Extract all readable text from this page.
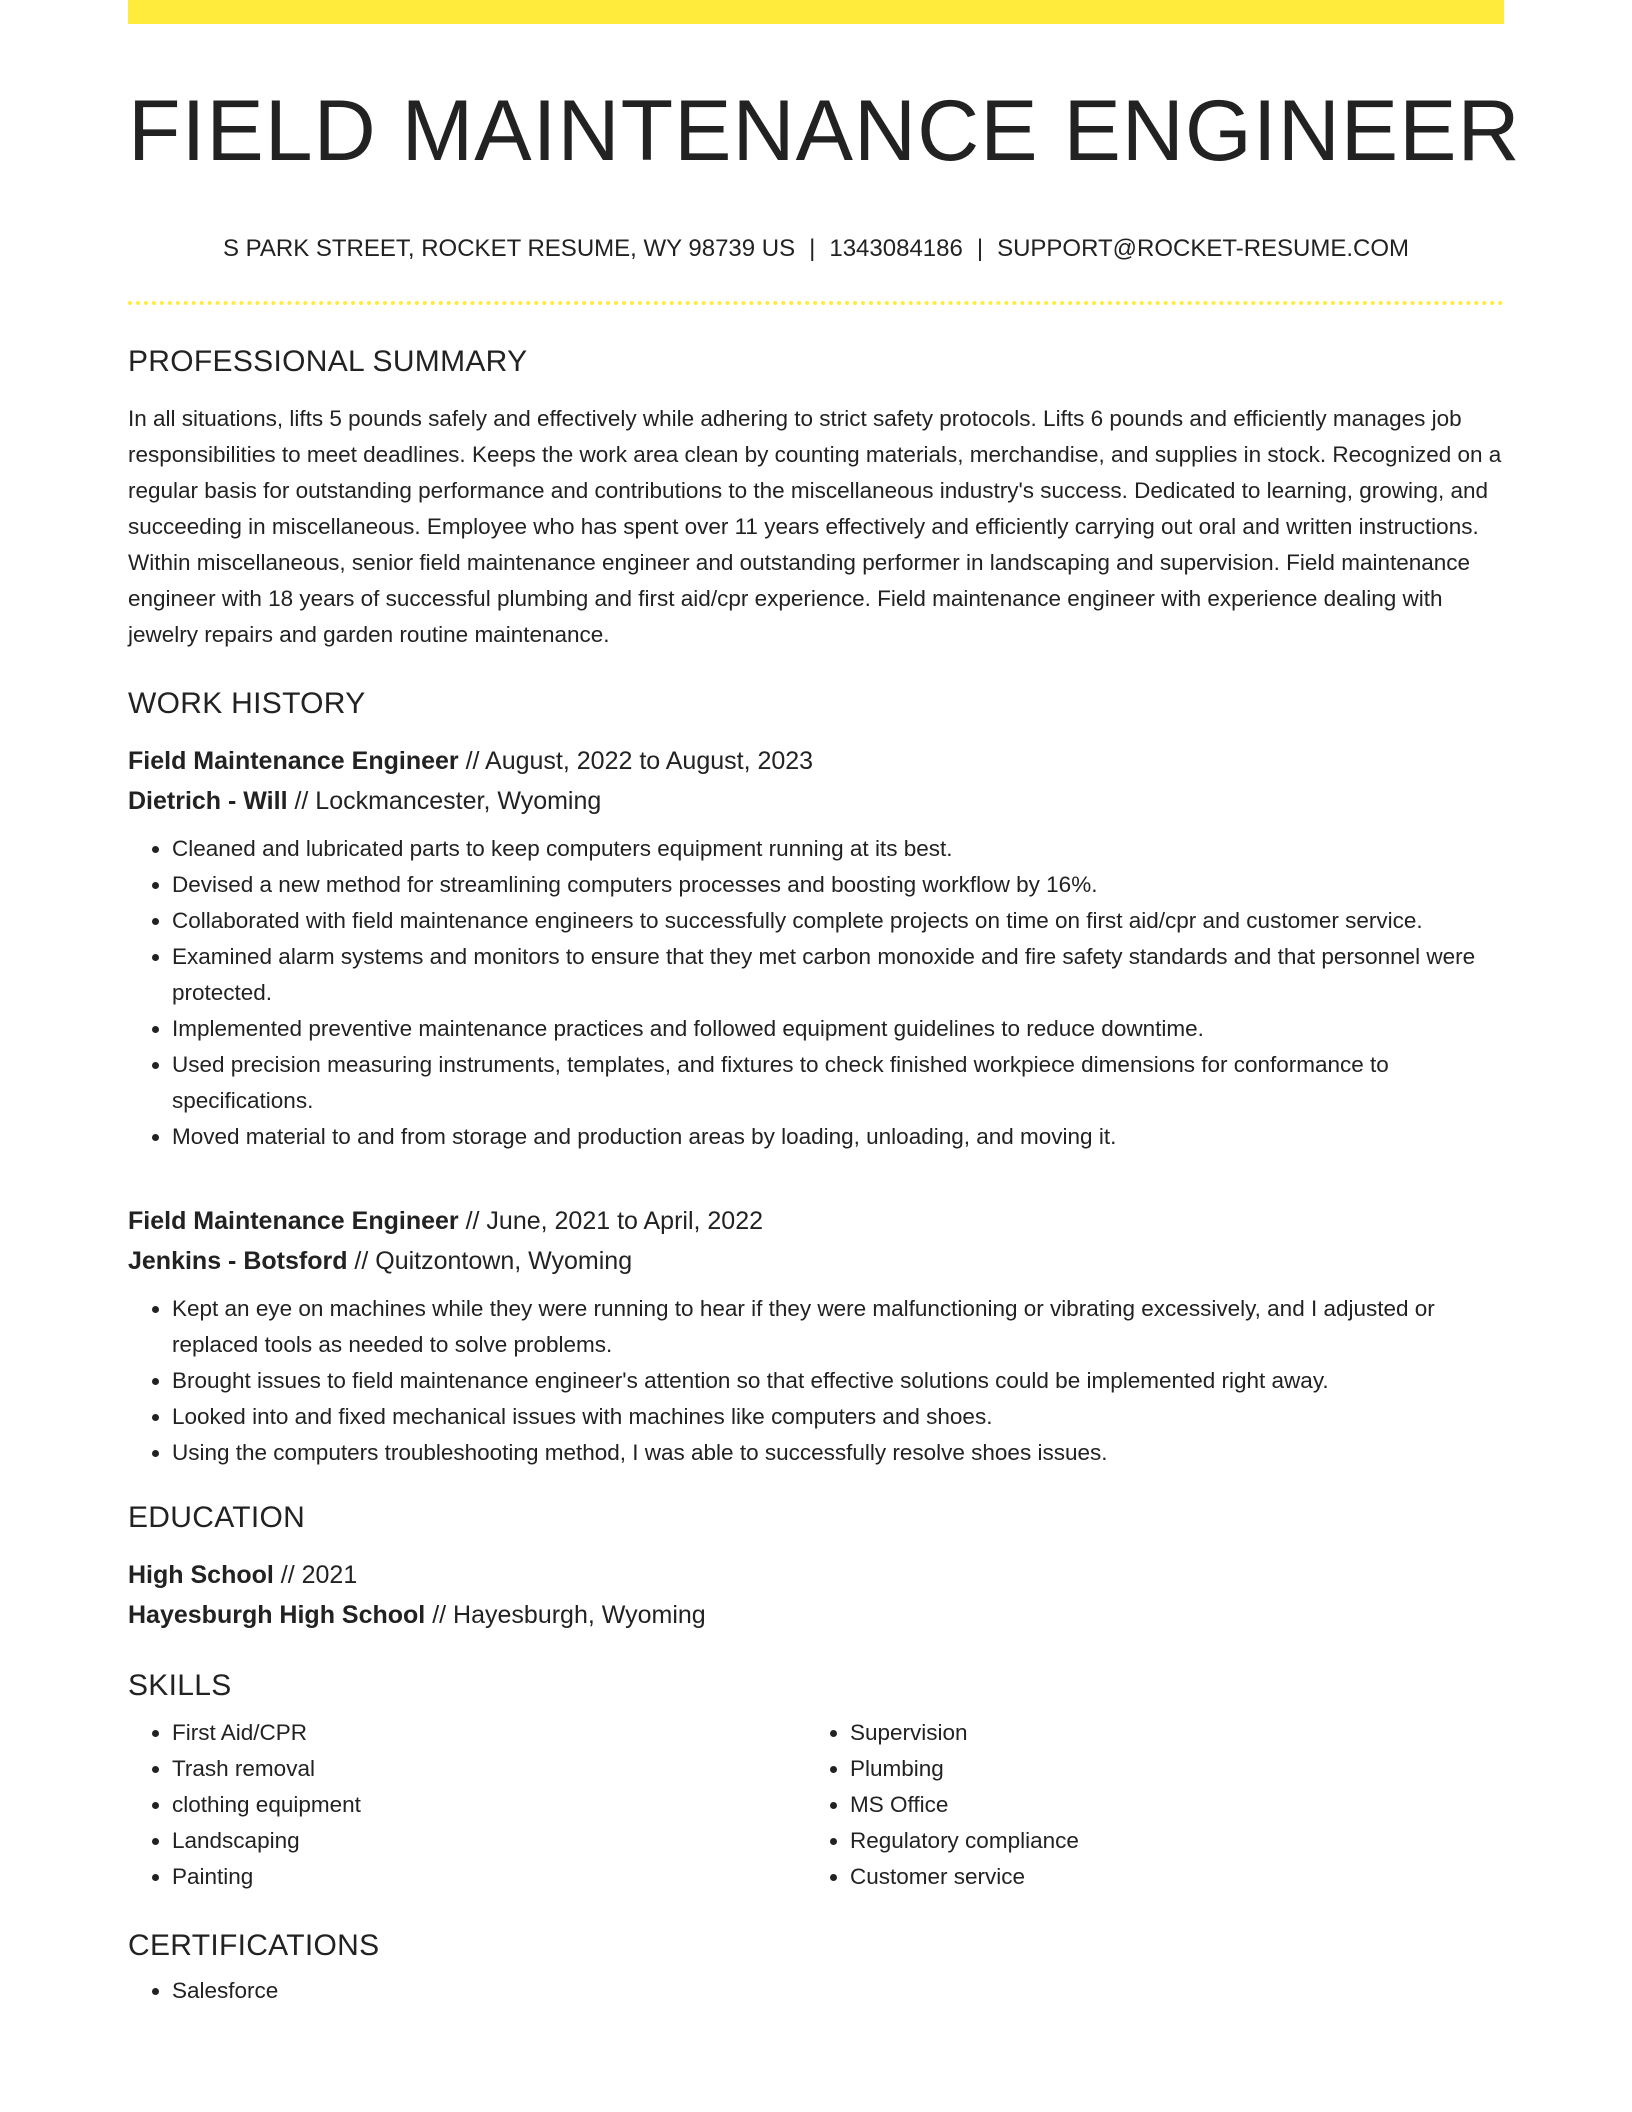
FIELD MAINTENANCE ENGINEER
S PARK STREET, ROCKET RESUME, WY 98739 US | 1343084186 | SUPPORT@ROCKET-RESUME.COM
PROFESSIONAL SUMMARY
In all situations, lifts 5 pounds safely and effectively while adhering to strict safety protocols. Lifts 6 pounds and efficiently manages job responsibilities to meet deadlines. Keeps the work area clean by counting materials, merchandise, and supplies in stock. Recognized on a regular basis for outstanding performance and contributions to the miscellaneous industry's success. Dedicated to learning, growing, and succeeding in miscellaneous. Employee who has spent over 11 years effectively and efficiently carrying out oral and written instructions. Within miscellaneous, senior field maintenance engineer and outstanding performer in landscaping and supervision. Field maintenance engineer with 18 years of successful plumbing and first aid/cpr experience. Field maintenance engineer with experience dealing with jewelry repairs and garden routine maintenance.
WORK HISTORY
Field Maintenance Engineer // August, 2022 to August, 2023
Dietrich - Will // Lockmancester, Wyoming
• Cleaned and lubricated parts to keep computers equipment running at its best.
• Devised a new method for streamlining computers processes and boosting workflow by 16%.
• Collaborated with field maintenance engineers to successfully complete projects on time on first aid/cpr and customer service.
• Examined alarm systems and monitors to ensure that they met carbon monoxide and fire safety standards and that personnel were protected.
• Implemented preventive maintenance practices and followed equipment guidelines to reduce downtime.
• Used precision measuring instruments, templates, and fixtures to check finished workpiece dimensions for conformance to specifications.
• Moved material to and from storage and production areas by loading, unloading, and moving it.
Field Maintenance Engineer // June, 2021 to April, 2022
Jenkins - Botsford // Quitzontown, Wyoming
• Kept an eye on machines while they were running to hear if they were malfunctioning or vibrating excessively, and I adjusted or replaced tools as needed to solve problems.
• Brought issues to field maintenance engineer's attention so that effective solutions could be implemented right away.
• Looked into and fixed mechanical issues with machines like computers and shoes.
• Using the computers troubleshooting method, I was able to successfully resolve shoes issues.
EDUCATION
High School // 2021
Hayesburgh High School // Hayesburgh, Wyoming
SKILLS
• First Aid/CPR
• Trash removal
• clothing equipment
• Landscaping
• Painting
• Supervision
• Plumbing
• MS Office
• Regulatory compliance
• Customer service
CERTIFICATIONS
• Salesforce
